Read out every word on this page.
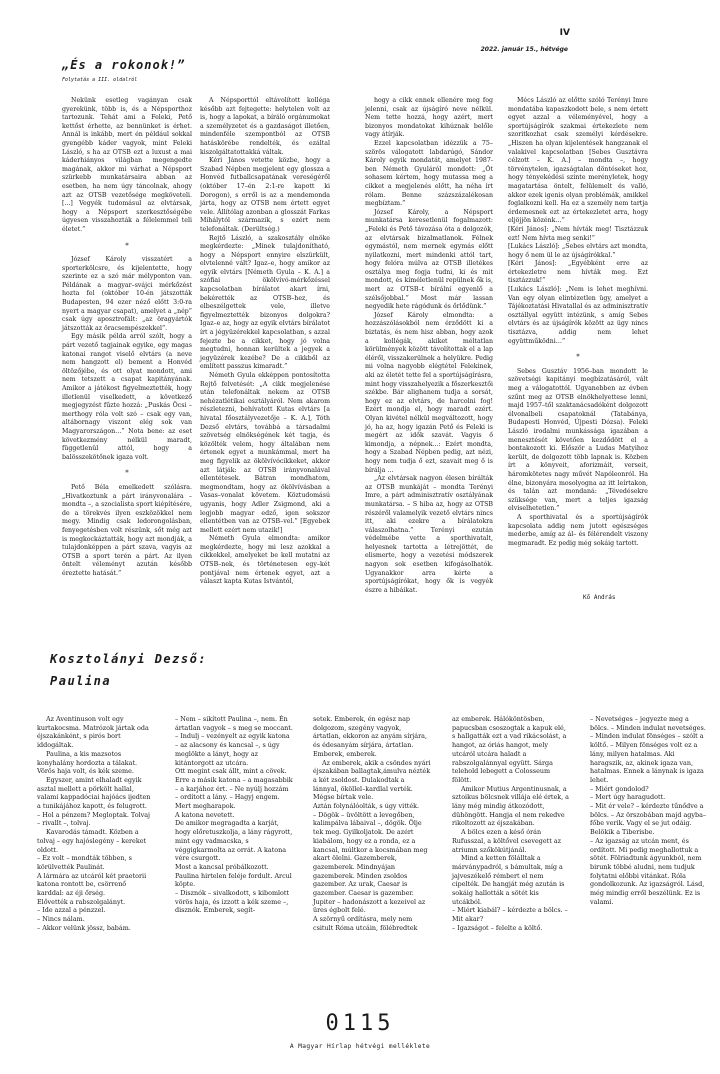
IV
2022. január 15., hétvége
„És a rokonok!”
Folytatás a III. oldalról

Nekünk esetleg vagányan csak gyerekünk, több is, és a Népsporthoz tartozunk. Tehát ami a Feleki, Pető kettőst érhette, az bennünket is érhet. Annál is inkább, mert én például sokkal gyengébb káder vagyok, mint Feleki László, s ha az OTSB ezt a luxust a mai káderhiányos világban megengedte magának, akkor mi várhat a Népsport szürkebb munkatársaira abban az esetben, ha nem úgy táncolnak, ahogy azt az OTSB vezetősége megköveteli. [...] Vegyék tudomásul az elvtársak, hogy a Népsport szerkesztőségébe úgyesen visszahozták a félelemmel teli életet.”

*

József Károly visszatért a sporterkölcsre, és kijelentette, hogy szerinte ez a szó már mélyponton van. Példának a magyar–svájci mérkőzést hozta fel (október 10-én játszották Budapesten, 94 ezer néző előtt 3:0-ra nyert a magyar csapat), amelyet a „nép” csak úgy aposztrofált: „az öragyártók játszották az öracsempészekkel”.

Egy másik példa arról szólt, hogy a párt vezető tagjainak egyike, egy magas katonai rangot viselő elvtárs (a neve nem hangzott el) bement a Honvéd öltözőjébe, és ott olyat mondott, ami nem tetszett a csapat kapitányának. Amikor a játékost figyelmeztették, hogy illetlenül viselkedett, a következő megjegyzést fűzte hozzá: „Puskás Öcsi – merthogy róla volt szó – csak egy van, altábornagy viszont elég sok van Magyarországon…” Nota bene: az eset következmény nélkül maradt, függetlenül attól, hogy a balösszekötőnek igaza volt.

*

Pető Béla emelkedett szólásra. „Hivatkoztunk a párt irányvonalára – mondta –, a szocialista sport kiépítésére, de a törekvés ilyen eszközökkel nem megy. Mindig csak ledorongolásban, fenyegetésben volt részünk, sőt még azt is megkockáztatták, hogy azt mondják, a tulajdonképpen a párt szava, vagyis az OTSB a sport terén a párt. Az ilyen öntelt véleményt azután később éreztette hatását.”

A Népsporttól eltávolított kolléga később azt fejtegette: helytelen volt az is, hogy a lapokat, a bíráló orgánumokat a személyzetet és a gazdaságot illetően, mindenféle szempontból az OTSB hatáskörébe rendelték, és ezáltal kiszolgáltatottakká váltak.

Kéri János vetette közbe, hogy a Szabad Népben megjelent egy glossza a Honvéd futballcsapatának vereségéről (október 17–én 2:1-re kapott ki Dorogon), s erről is az a mendemonda járta, hogy az OTSB nem értett egyet vele. Állítólag azonban a glosszát Farkas Mihálytól származik, s ezért nem telefonáltak. (Derültség.)

Rejtő László, a szakosztály elnöke megkérdezte: „Minek tulajdonítható, hogy a Népsport ennyire elszürkült, elvtelenné vált? Igaz–e, hogy amikor az egyik elvtárs [Németh Gyula – K. A.] a szófiai ökölvívó-mérkőzéssel kapcsolatban bírálatot akart írni, bekérették az OTSB–hez, és elbeszélgettek vele, illetve figyelmeztették bizonyos dolgokra? Igaz–e az, hogy az egyik elvtárs bírálatot írt a jégyüzérekkel kapcsolatban, s azzal fejezte be a cikket, hogy jó volna megtudni, honnan kerültek a jegyek a jegyüzérek kezébe? De a cikkből az említett passzus kimaradt.”

Németh Gyula ekképpen pontosította Rejtő felvetését: „A cikk megjelenése után telefonáltak nekem az OTSB nehézatlétikai osztályáról. Nem akarom részletezni, behívatott Kutas elvtárs [a hivatal főosztályvezetője – K. A.], Tóth Dezső elvtárs, továbbá a társadalmi szövetség elnökségének két tagja, és közölték velem, hogy általában nem értenek egyet a munkámmal, mert ha meg figyelik az ökölvívócikkeket, akkor azt látják: az OTSB irányvonalával ellentétesek. Bátran mondhatom, megmondtam, hogy az ökölvívásban a Vasas–vonalat követem. Köztudomású ugyanis, hogy Adler Zsigmond, aki a legjobb magyar edző, igen sokszor ellentétben van az OTSB–vel.” [Egyebek mellett ezért nem utazik!]

Németh Gyula elmondta: amikor megkérdezte, hogy mi lesz azokkal a cikkekkel, amelyeket be kell mutatni az OTSB–nek, és történetesen egy–két pontjával nem értenek egyet, azt a választ kapta Kutas Istvántól,

hogy a cikk ennek ellenére meg fog jelenni, csak az újságíró neve nélkül. Nem tette hozzá, hogy azért, mert bizonyos mondatokat kihúznak belőle vagy átírják.

Ezzel kapcsolatban idézzük a 75–szörös válogatott labdarúgó, Sándor Károly egyik mondatát, amelyet 1987-ben Németh Gyuláról mondott: „Őt sohasem kértem, hogy mutassa meg a cikket a megjelenés előtt, ha néha írt rólam. Benne százszázalékosan megbíztam.”

József Károly, a Népsport munkatársa keresetlenül fogalmazott: „Feleki és Pető távozása óta a dolgozók, az elvtársak bizalmatlanok. Félnek egymástól, nem mernek egymás előtt nyilatkozni, mert mindenki attól tart, hogy felóra múlva az OTSB illetékes osztálya meg fogja tudni, ki és mit mondott, és kíméletlenül repülnek ők is, mert az OTSB–t bírálni egyenlő a szélsőjobbal.” Most már lassan negyedik hete rágódunk és őrlődünk.”

József Károly elmondta: a hozzászólásokból nem érződött ki a biztatás, és nem hisz abban, hogy azok a kollégák, akiket méltatlan körülmények között távolítottak el a lap éléről, visszakerülnek a helyükre. Pedig mi volna nagyobb elégtétel Felekinek, aki az életét tette fel a sportújságírásra, mint hogy visszahelyezik a főszerkesztői székbe. Bár alighanem tudja a sorsát, hogy ez az elvtárs, de harcolni fog! Ezért mondja el, hogy maradt ezért. Olyan kivétel nélkül megváltozott, hogy jó, ha az, hogy igazán Pető és Feleki is megért az idők szavát. Vagyis ő kimondja, a népnek...: Ezért mondta, hogy a Szabad Népben pedig, azt nézi, hogy nem tudja ő ezt, szavait meg ő is bírálja ...

„Az elvtársak nagyon élesen bírálták az OTSB munkáját – mondta Terényi Imre, a párt adminisztratív osztályának munkatársa. – S hiba az, hogy az OTSB részéről valamelyik vezető elvtárs nincs itt, aki ezekre a bírálatokra válaszolhatna.” Terényi ezután védelmébe vette a sporthivatalt, helyesnek tartotta a létrejöttét, de elismerte, hogy a vezetési módszerek nagyon sok esetben kifogásolhatók. Ugyanakkor arra kérte a sportújságírókat, hogy ők is vegyék észre a hibáikat.

Mécs László az előtte szóló Terényi Imre mondatába kapaszkodott bele, s nem értett egyet azzal a véleményével, hogy a sportújságírók szakmai értekezlete nem szoritkozhat csak személyi kérdésekre. „Hiszen ha olyan kijelentések hangzanak el valakivel kapcsolatban [Sebes Gusztávra célzott – K. A.] – mondta –, hogy törvénytelen, igazságtalan döntéseket hoz, hogy tényekédési szinte merényletek, hogy magatartása öntelt, felülemelt és valló, akkor ezek igenis olyan problémák, amikkel foglalkozni kell. Ha ez a személy nem tartja érdemesnek ezt az értekezletet arra, hogy eljöjjön közénk…”

[Kéri János]: „Nem hívták meg! Tisztázzuk ezt! Nem hívta meg senki!”

[Lukács László]: „Sebes elvtárs azt mondta, hogy ő nem ül le az újságírókkal.”

[Kéri János]: „Egyébként erre az értekezletre nem hívták meg. Ezt tisztázzuk!”

[Lukács László]: „Nem is lehet meghívni. Van egy olyan elintézetlen ügy, amelyet a Tájékoztatási Hivatallal és az adminisztratív osztállyal együtt intézünk, s amíg Sebes elvtárs és az újságírók között az ügy nincs tisztázva, addig nem lehet együttműködni…”

*

Sebes Gusztáv 1956–ban mondott le szövetségi kapitányi megbízatásáról, vált meg a válogatottól. Ugyanebben az évben szűnt meg az OTSB elnökhelyettese lenni, majd 1957–től szaktanácsadóként dolgozott élvonalbeli csapatoknál (Tatabánya, Budapesti Honvéd, Újpesti Dózsa). Feleki László irodalmi munkássága igazában a menesztését követően kezdődött el a bontakozott ki. Először a Ludas Matyihoz került, de dolgozott több lapnak is. Közben írt a könyveit, aforizmáit, verseit, háromkötetes nagy művét Napóleonról. Ha élne, bizonyára mosolyogna az itt leírtakon, és talán azt mondaná: „Tévedésekre szüksége van, mert a teljes igazság elviselhetetlen.”

A sporthivatal és a sportújságírók kapcsolata addig nem jutott egészséges mederbe, amíg az ál– és félérendelt viszony megmaradt. Ez pedig még sokáig tartott.

Kő András
Kosztolányi Dezső:
Paulina

Az Aventinuson volt egy kurtakocsma. Matrózok jártak oda éjszakánként, s pirós bort iddogáltak.

Paulina, a kis mazsotos konyhalány hordozta a tálakat. Vörös haja volt, és kék szeme.

Egyszer, amint elhaladt egyik asztal mellett a pörkölt hallal, valami kappadóciai hajóács ijedten a tunikájához kapott, és felugrott.

– Hol a pénzem? Megloptak. Tolvaj – rivallt –, tolvaj.

Kavarodás támadt. Közben a tolvaj – egy hajóslegény – kereket oldott.

– Ez volt – mondták többen, s körülvették Paulinát.

A lármára az utcáról két praetorii katona rontott be, csörrenő karddal: az éji őrség.

Elővették a rabszolgalányt.

– Ide azzal a pénzzel.

– Nincs nálam.

– Akkor velünk jössz, babám.

– Nem – sikított Paulina –, nem. Én ártatlan vagyok – s meg se moccant.

– Indulj – vezényelt az egyik katona – az alacsony és kancsal –, s úgy meglökte a lányt, hogy az kitántorgott az utcára.

Ott megint csak állt, mint a cövek.

Erre a másik katona – a magasabbik – a karjához ért. – Ne nyúlj hozzám – ordított a lány. – Hagyj engem. Mert megharapok.

A katona nevetett.

De amikor megragadta a karját, hogy előretuszkolja, a lány rágyrott, mint egy vadmacska, s véggigkarmolta az orrát. A katona vére csurgott.

Most a kancsal próbálkozott. Paulina hirtelen feléje fordult. Arcul köpte.

– Disznók – sivalkodott, s kibomlott vörös haja, és izzott a kék szeme –, disznók. Emberek, segít-

setek. Emberek, én egész nap dolgozom, szegény vagyok, ártatlan, ekkoron az anyám sírjára, és édesanyám sírjára, ártatlan. Emberek, emberek.

Az emberek, akik a csöndes nyári éjszakában ballagtak,ámulva nézték a két zsoldost. Dulakodtak a lánnyal, ököllel–kardlal verték. Mégse bírtak vele.

Aztán folynálóolták, s úgy vitték.

– Dögök – üvöltött a levegőben, kalimpálva lábaival –, dögök. Ölje tek meg. Gyilkoljatok. De azért kiabálom, hogy ez a ronda, ez a kancsal, múltkor a kocsmában meg akart ölelni. Gazemberek, gazemberek. Mindnyájan gazemberek. Minden zsoldos gazember. Az urak, Caesar is gazember. Caesar is gazember. Jupiter – hadonászott a kezeivel az üres égbolt felé.

A szörnyű ordításra, mely nem csitult Róma utcáin, fölébredtek

az emberek. Hálóköntösben, papucsban csoszogtak a kapuk elé, s hallgatták ezt a vad rikácsolást, a hangot, az óriás hangot, mely utcáról utcára haladt a rabszolgalánnyal együtt. Sárga telehold lebegett a Colosseum fölött.

Amikor Mutius Argentinusnak, a sztoikus bölcsnek villája elé értek, a lány még mindig átkozódott, dühöngött. Hangja el nem rekedve rikoltozott az éjszakában.

A bölcs ezen a késő órán Rufusszal, a költővel csevegett az atriumn szőkökútjánál.

Mind a ketten fölálltak a márványpadról, s bámultak, míg a jajveszékelő rémbert el nem cipelték. De hangját még azután is sokáig hallották a sötét kis utcákból.

– Miért kiabál? – kérdezte a bölcs. – Mit akar?

– Igazságot – felelte a költő.

– Nevetséges – jegyezte meg a bölcs. – Minden indulat nevetséges.

– Minden indulat fönséges – szólt a költő. – Milyen fönséges volt ez a lány, milyen hatalmas. Aki haragszik, az, akinek igaza van, hatalmas. Ennek a lánynak is igaza lehet.

– Miért gondolod?

– Mert úgy haragudott.

– Mit ér vele? – kérdezte tűnődve a bölcs. – Az örszobában majd agyba–főbe verik. Vagy el se jut odáig. Belökik a Tiberisbe.

– Az igazság az utcán ment, és ordított. Mi pedig meghallottuk a sötét. Fölriadtunk ágyunkból, nem birunk többé aludni, nem tudjuk folytatni előbbi vitánkat. Róla gondolkozunk. Az igazságról. Lásd, még mindig erről beszélünk. Ez is valami.

0115
A Magyar Hírlap hétvégi melléklete
